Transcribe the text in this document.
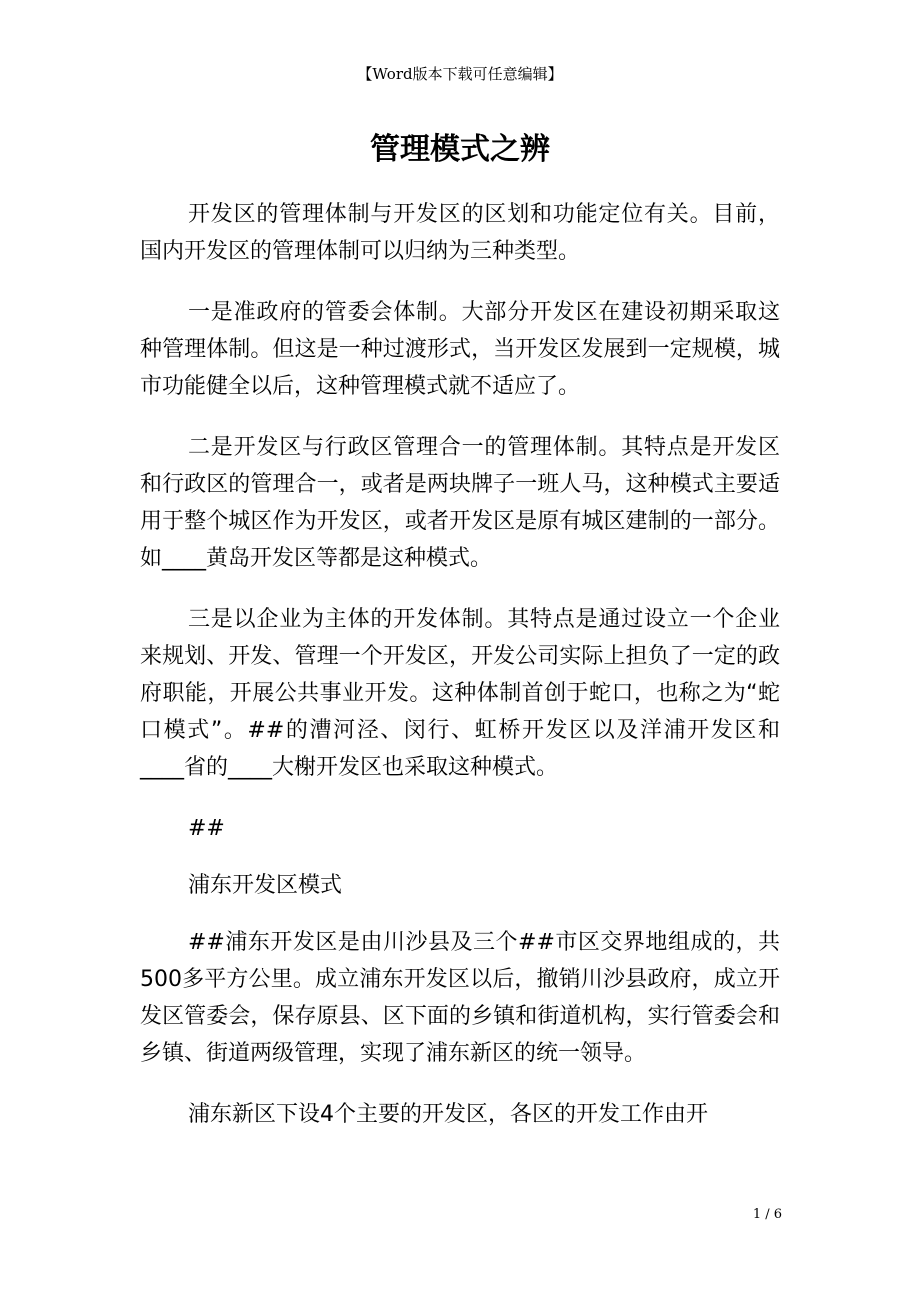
【Word版本下载可任意编辑】
管理模式之辨

开发区的管理体制与开发区的区划和功能定位有关。目前，国内开发区的管理体制可以归纳为三种类型。

一是准政府的管委会体制。大部分开发区在建设初期采取这种管理体制。但这是一种过渡形式，当开发区发展到一定规模，城市功能健全以后，这种管理模式就不适应了。

二是开发区与行政区管理合一的管理体制。其特点是开发区和行政区的管理合一，或者是两块牌子一班人马，这种模式主要适用于整个城区作为开发区，或者开发区是原有城区建制的一部分。如____黄岛开发区等都是这种模式。

三是以企业为主体的开发体制。其特点是通过设立一个企业来规划、开发、管理一个开发区，开发公司实际上担负了一定的政府职能，开展公共事业开发。这种体制首创于蛇口，也称之为“蛇口模式”。##的漕河泾、闵行、虹桥开发区以及洋浦开发区和____省的____大榭开发区也采取这种模式。

##

浦东开发区模式

##浦东开发区是由川沙县及三个##市区交界地组成的，共500多平方公里。成立浦东开发区以后，撤销川沙县政府，成立开发区管委会，保存原县、区下面的乡镇和街道机构，实行管委会和乡镇、街道两级管理，实现了浦东新区的统一领导。

浦东新区下设4个主要的开发区，各区的开发工作由开

1 / 6
